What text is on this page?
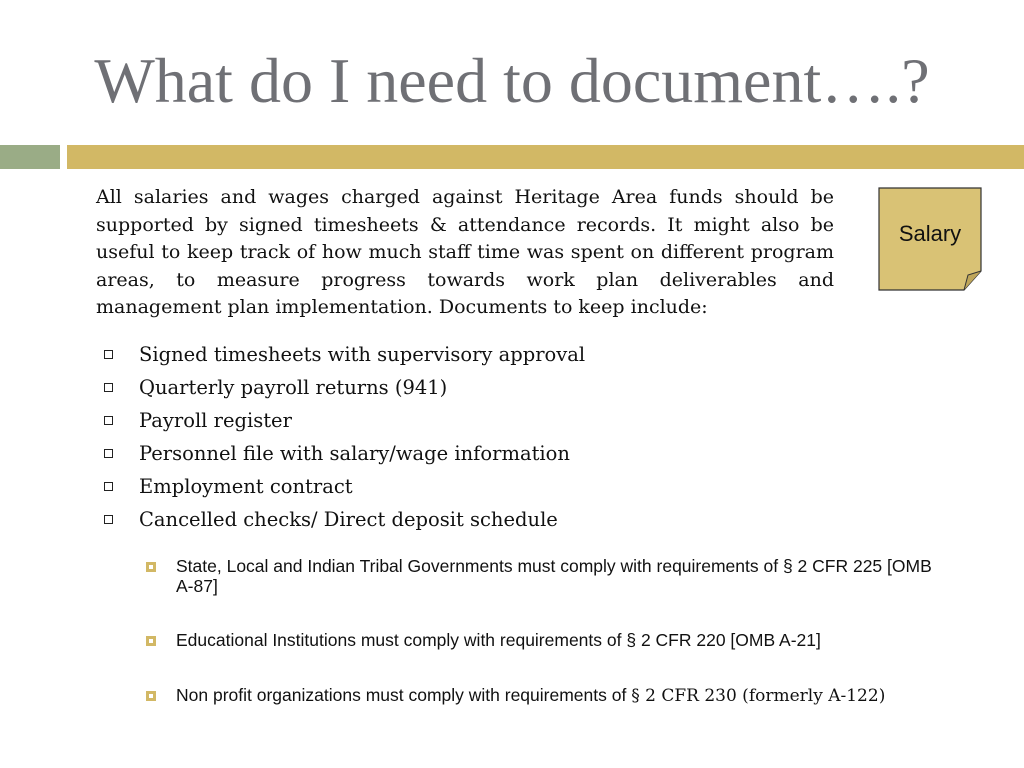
What do I need to document….?

All salaries and wages charged against Heritage Area funds should be supported by signed timesheets & attendance records. It might also be useful to keep track of how much staff time was spent on different program areas, to measure progress towards work plan deliverables and management plan implementation. Documents to keep include:

Signed timesheets with supervisory approval
Quarterly payroll returns (941)
Payroll register
Personnel file with salary/wage information
Employment contract
Cancelled checks/ Direct deposit schedule
State, Local and Indian Tribal Governments must comply with requirements of § 2 CFR 225 [OMB A-87]
Educational Institutions must comply with requirements of § 2 CFR 220 [OMB A-21]
Non profit organizations must comply with requirements of § 2 CFR 230 (formerly A-122)
Salary
